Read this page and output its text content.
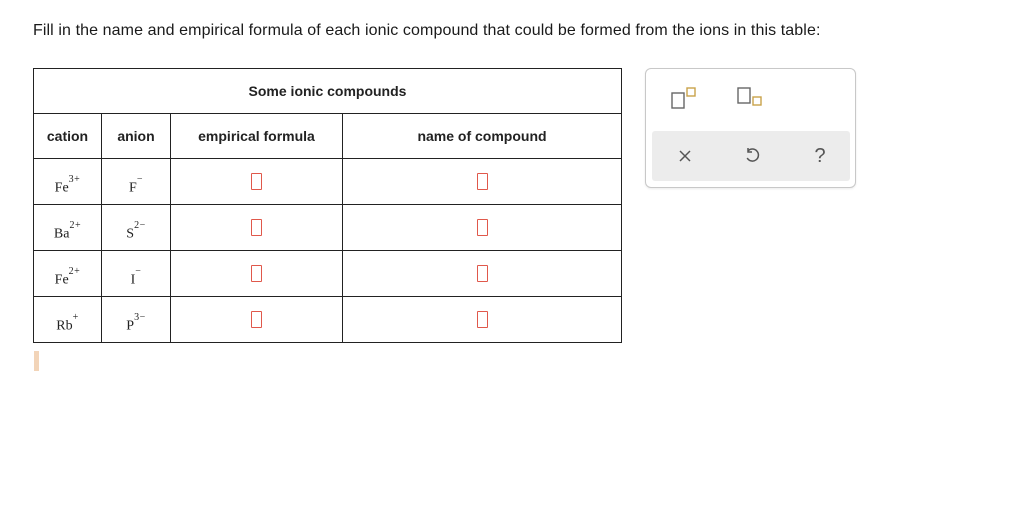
Fill in the name and empirical formula of each ionic compound that could be formed from the ions in this table:
Some ionic compounds			
cation	anion	empirical formula	name of compound
$Fe^{3+}$	F−		
$Ba^{2+}$	$S^{2-}$		
$Fe^{2+}$	I−		
Rb+	$P^{3-}$		
?
